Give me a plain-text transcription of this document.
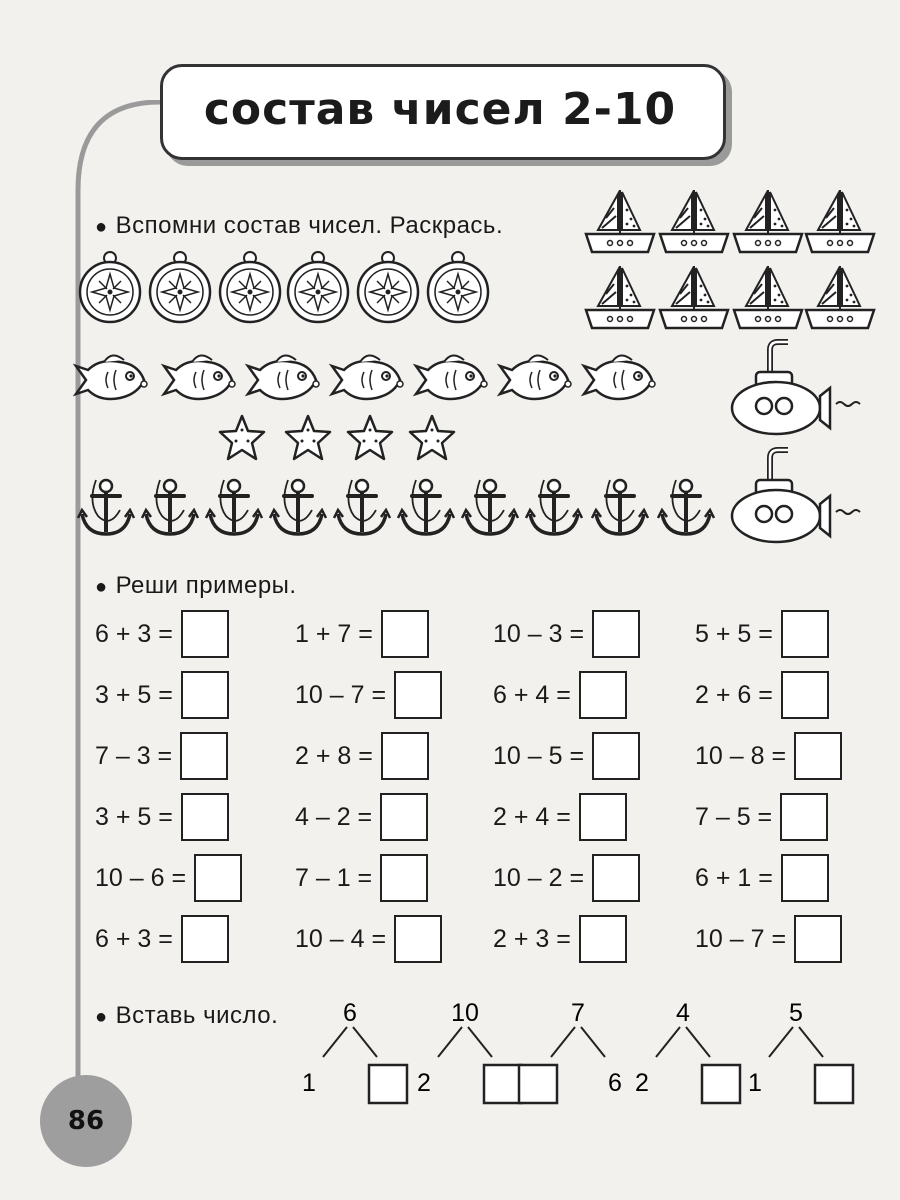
состав чисел 2-10
● Вспомни состав чисел. Раскрась.
● Реши примеры.
6 + 3 =	1 + 7 =	10 – 3 =	5 + 5 =
3 + 5 =	10 – 7 =	6 + 4 =	2 + 6 =
7 – 3 =	2 + 8 =	10 – 5 =	10 – 8 =
3 + 5 =	4 – 2 =	2 + 4 =	7 – 5 =
10 – 6 =	7 – 1 =	10 – 2 =	6 + 1 =
6 + 3 =	10 – 4 =	2 + 3 =	10 – 7 =
● Вставь число.	6
1
10
2
7
6
4
2
5
1
86
